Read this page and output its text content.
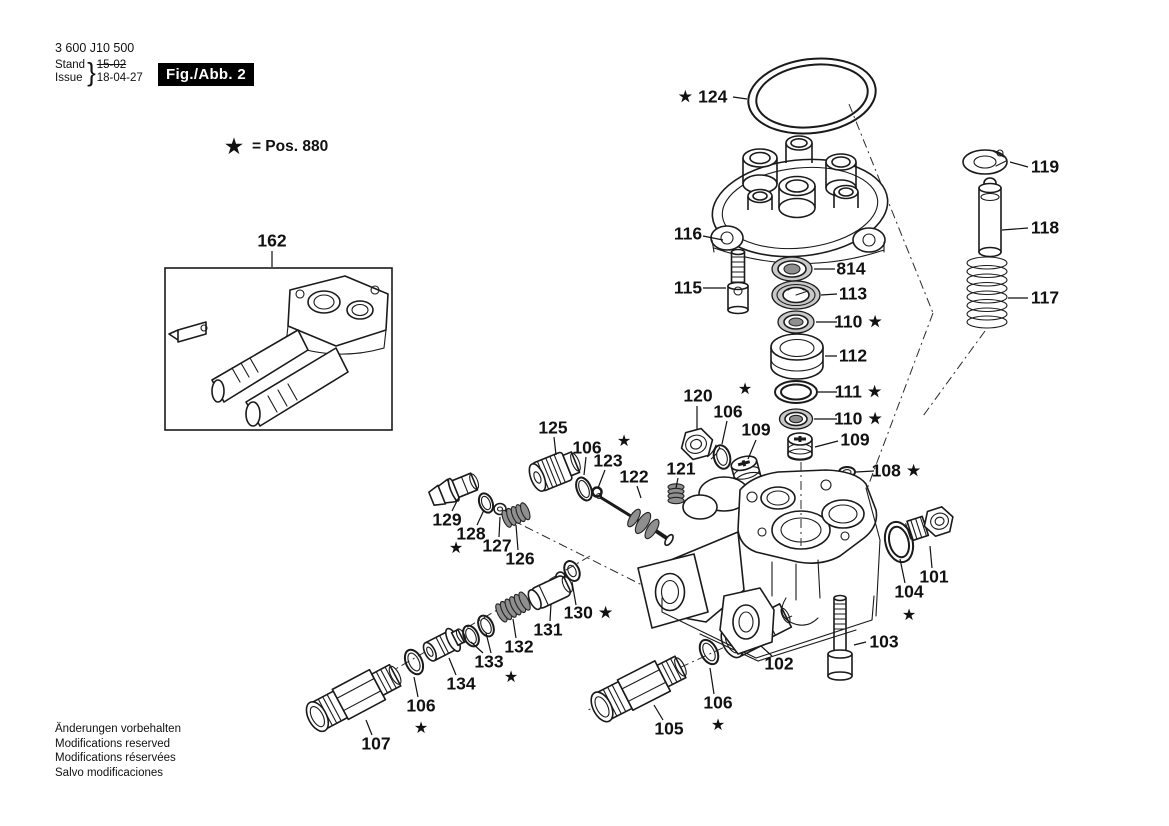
3 600 J10 500
Stand
Issue } 15-02
18-04-27	Fig./Abb. 2
★ = Pos. 880
162
★ 124
119
118
117
116
115
814
113
110 ★
112
111 ★
110 ★
109
108 ★
120 ★
106
109
121
122
123
106 ★
125
129
128
★ 127
126
130 ★
131
132
133
★
134
106
★
107
105
106
★
102
103
104
★
101
Änderungen vorbehalten
Modifications reserved
Modifications réservées
Salvo modificaciones
